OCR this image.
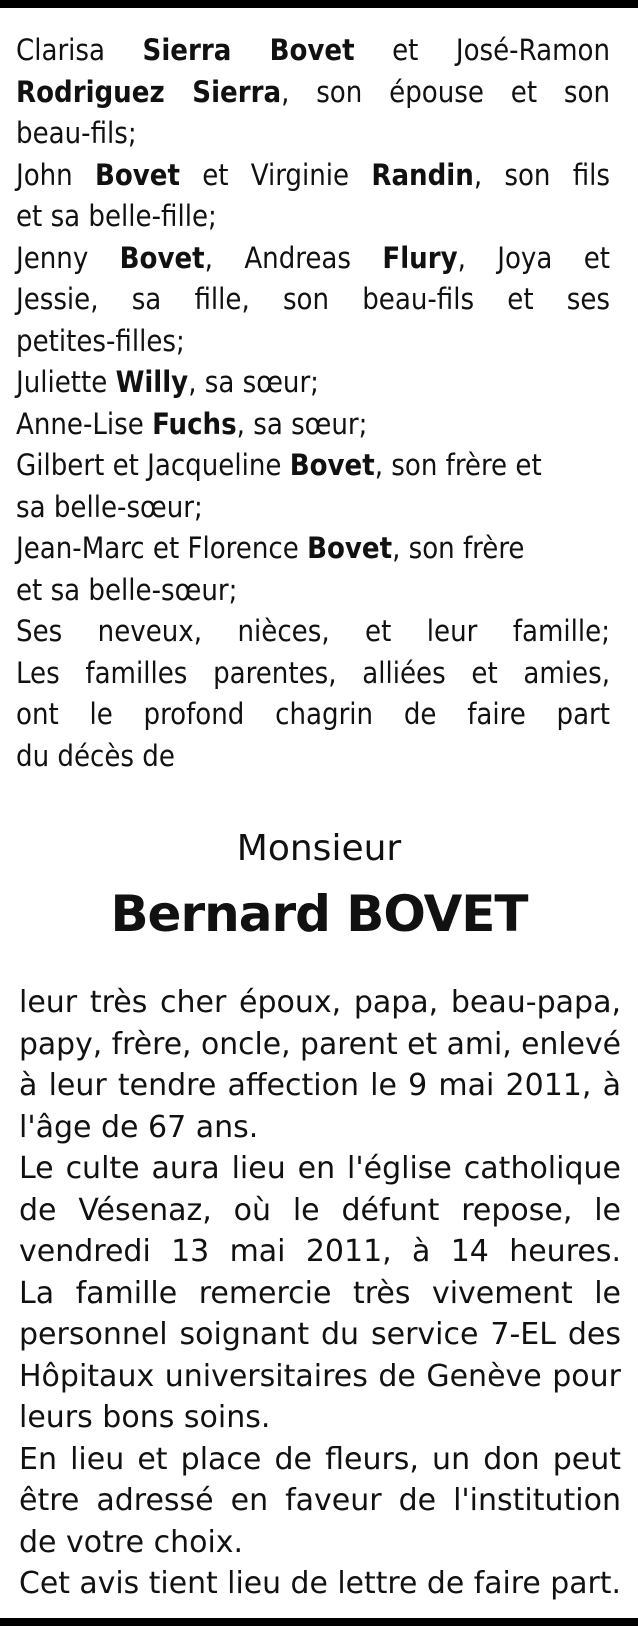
Clarisa Sierra Bovet et José-Ramon
Rodriguez Sierra, son épouse et son
beau-fils;
John Bovet et Virginie Randin, son fils
et sa belle-fille;
Jenny Bovet, Andreas Flury, Joya et
Jessie, sa fille, son beau-fils et ses
petites-filles;
Juliette Willy, sa sœur;
Anne-Lise Fuchs, sa sœur;
Gilbert et Jacqueline Bovet, son frère et
sa belle-sœur;
Jean-Marc et Florence Bovet, son frère
et sa belle-sœur;
Ses neveux, nièces, et leur famille;
Les familles parentes, alliées et amies,
ont le profond chagrin de faire part
du décès de
Monsieur
Bernard BOVET
leur très cher époux, papa, beau-papa,
papy, frère, oncle, parent et ami, enlevé
à leur tendre affection le 9 mai 2011, à
l'âge de 67 ans.
Le culte aura lieu en l'église catholique
de Vésenaz, où le défunt repose, le
vendredi 13 mai 2011, à 14 heures.
La famille remercie très vivement le
personnel soignant du service 7-EL des
Hôpitaux universitaires de Genève pour
leurs bons soins.
En lieu et place de fleurs, un don peut
être adressé en faveur de l'institution
de votre choix.
Cet avis tient lieu de lettre de faire part.
